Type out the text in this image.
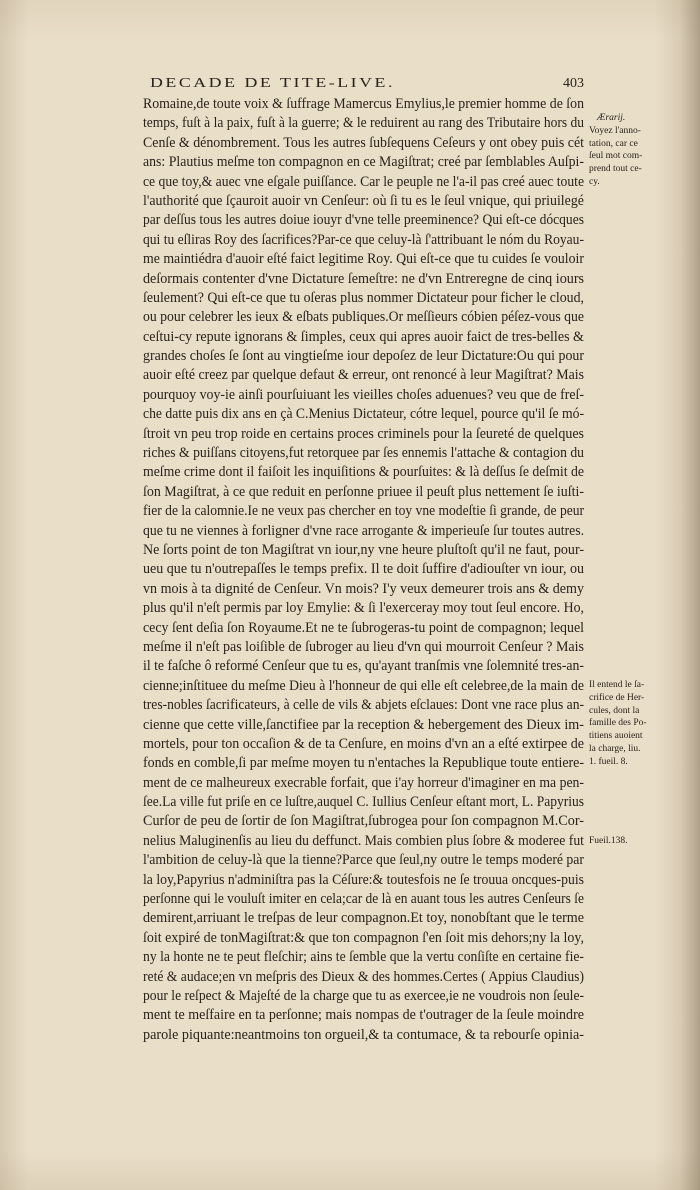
DECADE DE TITE-LIVE.	403
Romaine,de toute voix & ſuffrage Mamercus Emylius,le premier homme de ſon
temps, fuſt à la paix, fuſt à la guerre; & le reduirent au rang des Tributaire hors du
Cenſe & dénombrement. Tous les autres ſubſequens Ceſeurs y ont obey puis cét
ans: Plautius meſme ton compagnon en ce Magiſtrat; creé par ſemblables Auſpi-
ce que toy,& auec vne eſgale puiſſance. Car le peuple ne l'a-il pas creé auec toute
l'authorité que ſçauroit auoir vn Cenſeur: où ſi tu es le ſeul vnique, qui priuilegé
par deſſus tous les autres doiue iouyr d'vne telle preeminence? Qui eſt-ce dócques
qui tu eſliras Roy des ſacrifices?Par-ce que celuy-là ſ'attribuant le nóm du Royau-
me maintiédra d'auoir eſté faict legitime Roy. Qui eſt-ce que tu cuides ſe vouloir
deſormais contenter d'vne Dictature ſemeſtre: ne d'vn Entreregne de cinq iours
ſeulement? Qui eſt-ce que tu oſeras plus nommer Dictateur pour ficher le cloud,
ou pour celebrer les ieux & eſbats publiques.Or meſſieurs cóbien péſez-vous que
ceſtui-cy repute ignorans & ſimples, ceux qui apres auoir faict de tres-belles &
grandes choſes ſe ſont au vingtieſme iour depoſez de leur Dictature:Ou qui pour
auoir eſté creez par quelque defaut & erreur, ont renoncé à leur Magiſtrat? Mais
pourquoy voy-ie ainſi pourſuiuant les vieilles choſes aduenues? veu que de freſ-
che datte puis dix ans en çà C.Menius Dictateur, cótre lequel, pource qu'il ſe mó-
ſtroit vn peu trop roide en certains proces criminels pour la ſeureté de quelques
riches & puiſſans citoyens,fut retorquee par ſes ennemis l'attache & contagion du
meſme crime dont il faiſoit les inquiſitions & pourſuites: & là deſſus ſe deſmit de
ſon Magiſtrat, à ce que reduit en perſonne priuee il peuſt plus nettement ſe iuſti-
fier de la calomnie.Ie ne veux pas chercher en toy vne modeſtie ſi grande, de peur
que tu ne viennes à forligner d'vne race arrogante & imperieuſe ſur toutes autres.
Ne ſorts point de ton Magiſtrat vn iour,ny vne heure pluſtoſt qu'il ne faut, pour-
ueu que tu n'outrepaſſes le temps prefix. Il te doit ſuffire d'adiouſter vn iour, ou
vn mois à ta dignité de Cenſeur. Vn mois? I'y veux demeurer trois ans & demy
plus qu'il n'eſt permis par loy Emylie: & ſi l'exerceray moy tout ſeul encore. Ho,
cecy ſent deſia ſon Royaume.Et ne te ſubrogeras-tu point de compagnon; lequel
meſme il n'eſt pas loiſible de ſubroger au lieu d'vn qui mourroit Cenſeur ? Mais
il te faſche ô reformé Cenſeur que tu es, qu'ayant tranſmis vne ſolemnité tres-an-
cienne;inſtituee du meſme Dieu à l'honneur de qui elle eſt celebree,de la main de
tres-nobles ſacrificateurs, à celle de vils & abjets eſclaues: Dont vne race plus an-
cienne que cette ville,ſanctifiee par la reception & hebergement des Dieux im-
mortels, pour ton occaſion & de ta Cenſure, en moins d'vn an a eſté extirpee de
fonds en comble,ſi par meſme moyen tu n'entaches la Republique toute entiere-
ment de ce malheureux execrable forfait, que i'ay horreur d'imaginer en ma pen-
ſee.La ville fut priſe en ce luſtre,auquel C. Iullius Cenſeur eſtant mort, L. Papyrius
Curſor de peu de ſortir de ſon Magiſtrat,ſubrogea pour ſon compagnon M.Cor-
nelius Maluginenſis au lieu du deffunct. Mais combien plus ſobre & moderee fut
l'ambition de celuy-là que la tienne?Parce que ſeul,ny outre le temps moderé par
la loy,Papyrius n'adminiſtra pas la Céſure:& toutesfois ne ſe trouua oncques-puis
perſonne qui le vouluſt imiter en cela;car de là en auant tous les autres Cenſeurs ſe
demirent,arriuant le treſpas de leur compagnon.Et toy, nonobſtant que le terme
ſoit expiré de tonMagiſtrat:& que ton compagnon ſ'en ſoit mis dehors;ny la loy,
ny la honte ne te peut fleſchir; ains te ſemble que la vertu conſiſte en certaine fie-
reté & audace;en vn meſpris des Dieux & des hommes.Certes ( Appius Claudius)
pour le reſpect & Majeſté de la charge que tu as exercee,ie ne voudrois non ſeule-
ment te meſfaire en ta perſonne; mais nompas de t'outrager de la ſeule moindre
parole piquante:neantmoins ton orgueil,& ta contumace, & ta rebourſe opinia-
Ærarij.
Voyez l'anno-
tation, car ce
ſeul mot com-
prend tout ce-
cy.
Il entend le ſa-
crifice de Her-
cules, dont la
famille des Po-
titiens auoient
la charge, liu.
1. fueil. 8.
Fueil.138.
